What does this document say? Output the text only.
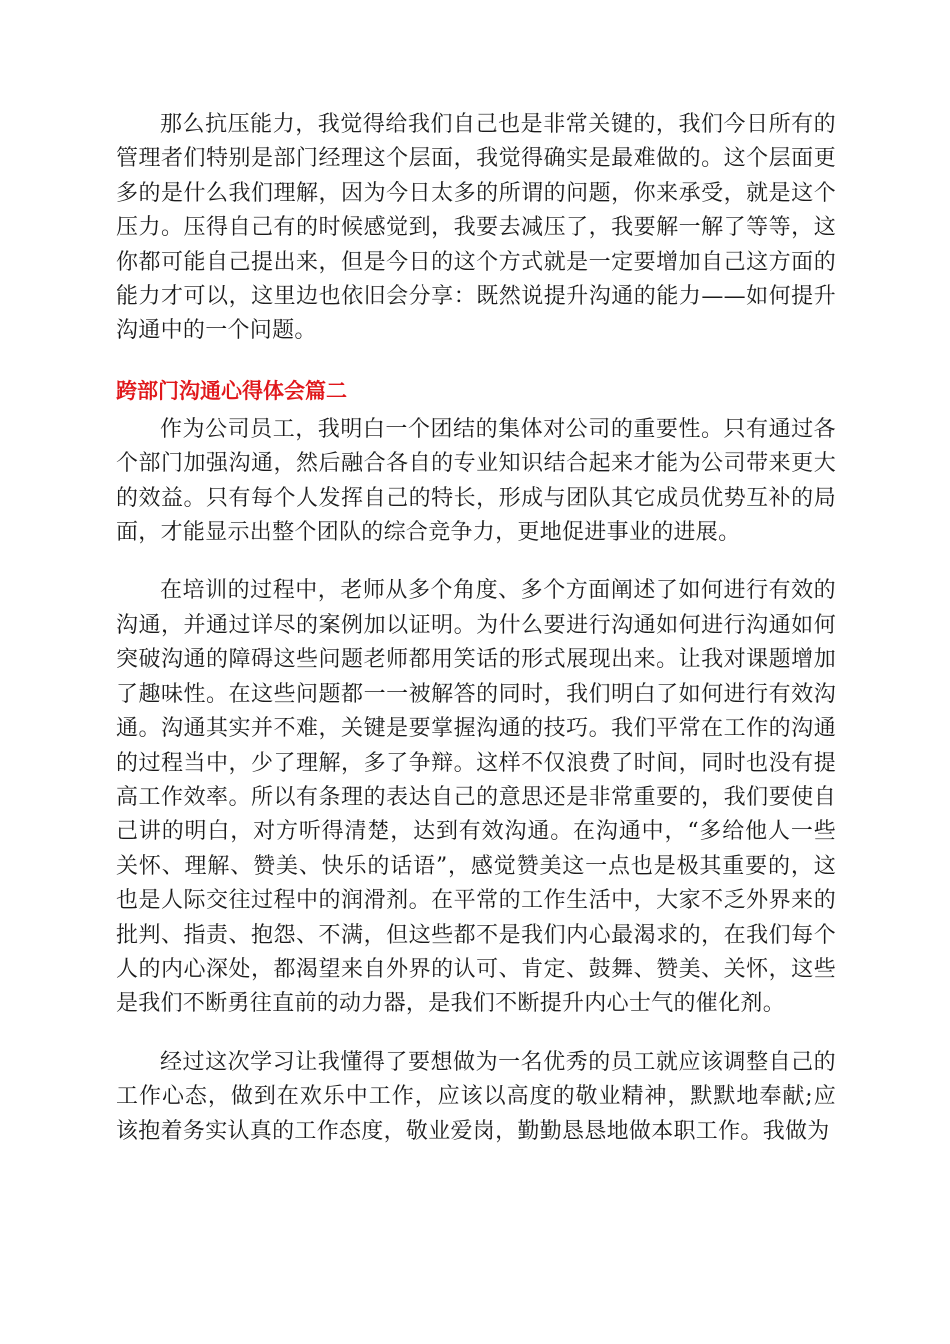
那么抗压能力，我觉得给我们自己也是非常关键的，我们今日所有的管理者们特别是部门经理这个层面，我觉得确实是最难做的。这个层面更多的是什么我们理解，因为今日太多的所谓的问题，你来承受，就是这个压力。压得自己有的时候感觉到，我要去减压了，我要解一解了等等，这你都可能自己提出来，但是今日的这个方式就是一定要增加自己这方面的能力才可以，这里边也依旧会分享：既然说提升沟通的能力——如何提升沟通中的一个问题。

跨部门沟通心得体会篇二

作为公司员工，我明白一个团结的集体对公司的重要性。只有通过各个部门加强沟通，然后融合各自的专业知识结合起来才能为公司带来更大的效益。只有每个人发挥自己的特长，形成与团队其它成员优势互补的局面，才能显示出整个团队的综合竞争力，更地促进事业的进展。

在培训的过程中，老师从多个角度、多个方面阐述了如何进行有效的沟通，并通过详尽的案例加以证明。为什么要进行沟通如何进行沟通如何突破沟通的障碍这些问题老师都用笑话的形式展现出来。让我对课题增加了趣味性。在这些问题都一一被解答的同时，我们明白了如何进行有效沟通。沟通其实并不难，关键是要掌握沟通的技巧。我们平常在工作的沟通的过程当中，少了理解，多了争辩。这样不仅浪费了时间，同时也没有提高工作效率。所以有条理的表达自己的意思还是非常重要的，我们要使自己讲的明白，对方听得清楚，达到有效沟通。在沟通中，“多给他人一些关怀、理解、赞美、快乐的话语”，感觉赞美这一点也是极其重要的，这也是人际交往过程中的润滑剂。在平常的工作生活中，大家不乏外界来的批判、指责、抱怨、不满，但这些都不是我们内心最渴求的，在我们每个人的内心深处，都渴望来自外界的认可、肯定、鼓舞、赞美、关怀，这些是我们不断勇往直前的动力器，是我们不断提升内心士气的催化剂。

经过这次学习让我懂得了要想做为一名优秀的员工就应该调整自己的工作心态，做到在欢乐中工作，应该以高度的敬业精神，默默地奉献;应该抱着务实认真的工作态度，敬业爱岗，勤勤恳恳地做本职工作。我做为
